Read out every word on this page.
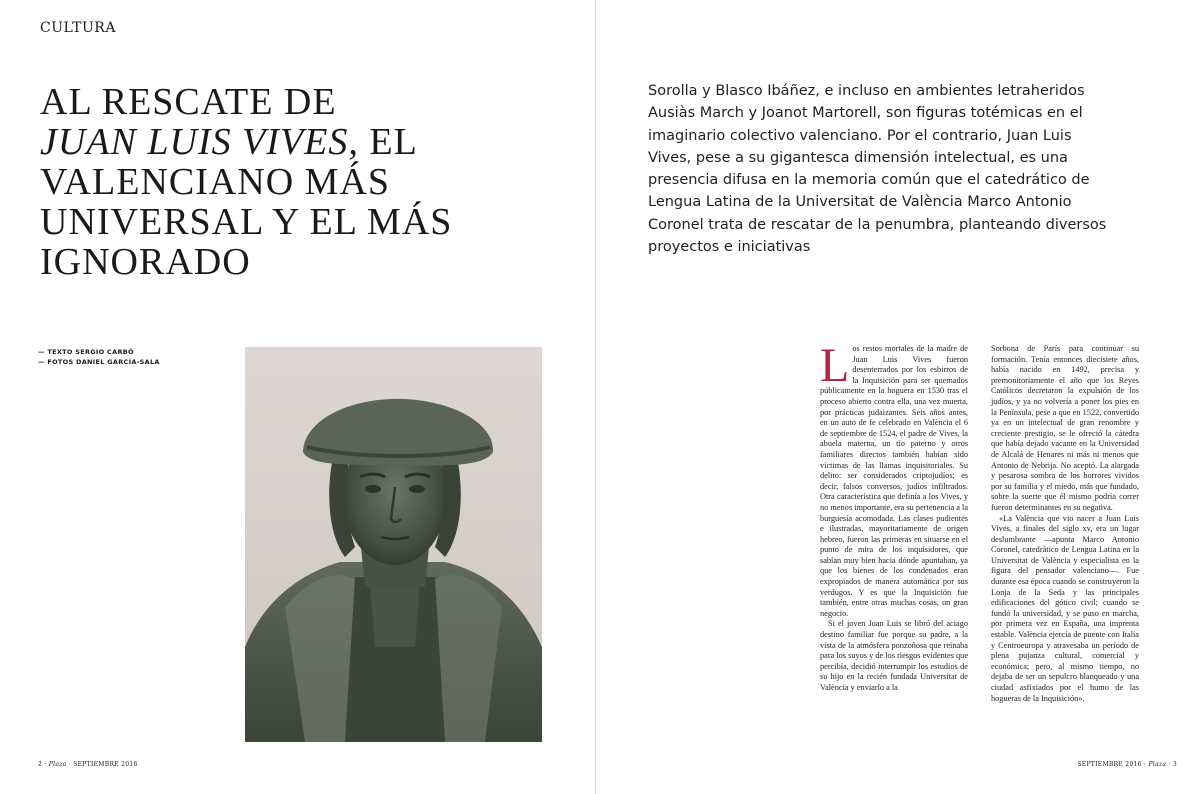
CULTURA
AL RESCATE DE
JUAN LUIS VIVES, EL VALENCIANO MÁS UNIVERSAL Y EL MÁS IGNORADO
— TEXTO SERGIO CARBÓ
— FOTOS DANIEL GARCÍA-SALA
2 · Plaza · SEPTIEMBRE 2016

Sorolla y Blasco Ibáñez, e incluso en ambientes letraheridos Ausiàs March y Joanot Martorell, son figuras totémicas en el imaginario colectivo valenciano. Por el contrario, Juan Luis Vives, pese a su gigantesca dimensión intelectual, es una presencia difusa en la memoria común que el catedrático de Lengua Latina de la Universitat de València Marco Antonio Coronel trata de rescatar de la penumbra, planteando diversos proyectos e iniciativas

L os restos mortales de la madre de Juan Luis Vives fueron desenterrados por los esbirros de la Inquisición para ser quemados públicamente en la hoguera en 1530 tras el proceso abierto contra ella, una vez muerta, por prácticas judaizantes. Seis años antes, en un auto de fe celebrado en València el 6 de septiembre de 1524, el padre de Vives, la abuela materna, un tío paterno y otros familiares directos también habían sido víctimas de las llamas inquisitoriales. Su delito: ser considerados criptojudíos; es decir, falsos conversos, judíos infiltrados. Otra característica que definía a los Vives, y no menos importante, era su pertenencia a la burguesía acomodada. Las clases pudientes e ilustradas, mayoritariamente de origen hebreo, fueron las primeras en situarse en el punto de mira de los inquisidores, que sabían muy bien hacia dónde apuntaban, ya que los bienes de los condenados eran expropiados de manera automática por sus verdugos. Y es que la Inquisición fue también, entre otras muchas cosas, un gran negocio.

Si el joven Juan Luis se libró del aciago destino familiar fue porque su padre, a la vista de la atmósfera ponzoñosa que reinaba para los suyos y de los riesgos evidentes que percibía, decidió interrumpir los estudios de su hijo en la recién fundada Universitat de València y enviarlo a la

Sorbona de París para continuar su formación. Tenía entonces diecisiete años, había nacido en 1492, precisa y premonitoriamente el año que los Reyes Católicos decretaron la expulsión de los judíos, y ya no volvería a poner los pies en la Península, pese a que en 1522, convertido ya en un intelectual de gran renombre y creciente prestigio, se le ofreció la cátedra que había dejado vacante en la Universidad de Alcalá de Henares ni más ni menos que Antonio de Nebrija. No aceptó. La alargada y pesarosa sombra de los horrores vividos por su familia y el miedo, más que fundado, sobre la suerte que él mismo podría correr fueron determinantes en su negativa.

«La València que vio nacer a Juan Luis Vives, a finales del siglo xv, era un lugar deslumbrante —apunta Marco Antonio Coronel, catedrático de Lengua Latina en la Universitat de València y especialista en la figura del pensador valenciano—. Fue durante esa época cuando se construyeron la Lonja de la Seda y las principales edificaciones del gótico civil; cuando se fundó la universidad, y se puso en marcha, por primera vez en España, una imprenta estable. València ejercía de puente con Italia y Centroeuropa y atravesaba un período de plena pujanza cultural, comercial y económica; pero, al mismo tiempo, no dejaba de ser un sepulcro blanqueado y una ciudad asfixiados por el humo de las hogueras de la Inquisición».

SEPTIEMBRE 2016 · Plaza · 3
